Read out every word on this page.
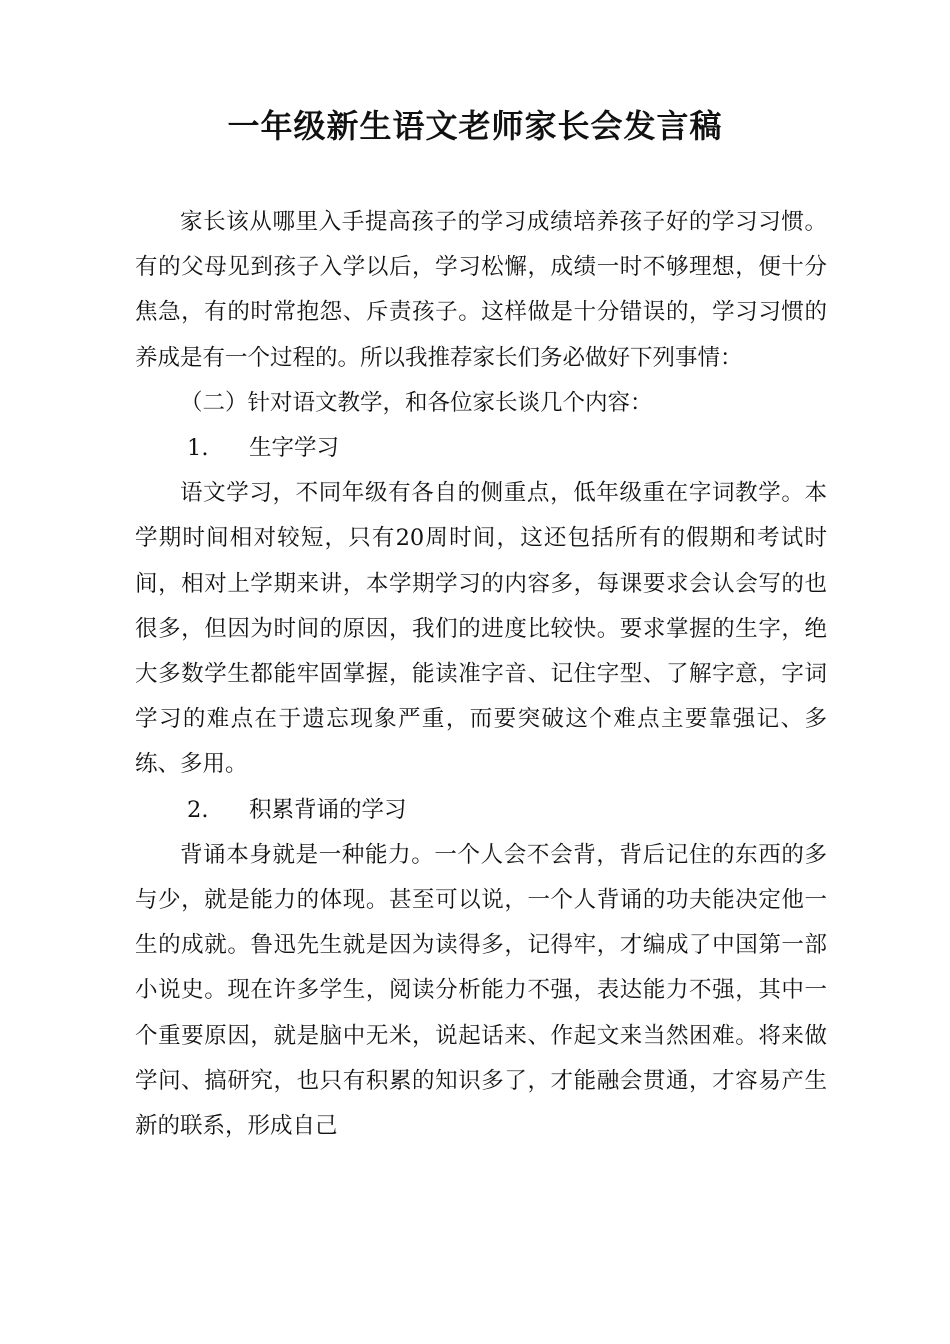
一年级新生语文老师家长会发言稿

家长该从哪里入手提高孩子的学习成绩培养孩子好的学习习惯。有的父母见到孩子入学以后，学习松懈，成绩一时不够理想，便十分焦急，有的时常抱怨、斥责孩子。这样做是十分错误的，学习习惯的养成是有一个过程的。所以我推荐家长们务必做好下列事情：

（二）针对语文教学，和各位家长谈几个内容：

1. 生字学习

语文学习，不同年级有各自的侧重点，低年级重在字词教学。本学期时间相对较短，只有20周时间，这还包括所有的假期和考试时间，相对上学期来讲，本学期学习的内容多，每课要求会认会写的也很多，但因为时间的原因，我们的进度比较快。要求掌握的生字，绝大多数学生都能牢固掌握，能读准字音、记住字型、了解字意，字词学习的难点在于遗忘现象严重，而要突破这个难点主要靠强记、多练、多用。

2. 积累背诵的学习

背诵本身就是一种能力。一个人会不会背，背后记住的东西的多与少，就是能力的体现。甚至可以说，一个人背诵的功夫能决定他一生的成就。鲁迅先生就是因为读得多，记得牢，才编成了中国第一部小说史。现在许多学生，阅读分析能力不强，表达能力不强，其中一个重要原因，就是脑中无米，说起话来、作起文来当然困难。将来做学问、搞研究，也只有积累的知识多了，才能融会贯通，才容易产生新的联系，形成自己
